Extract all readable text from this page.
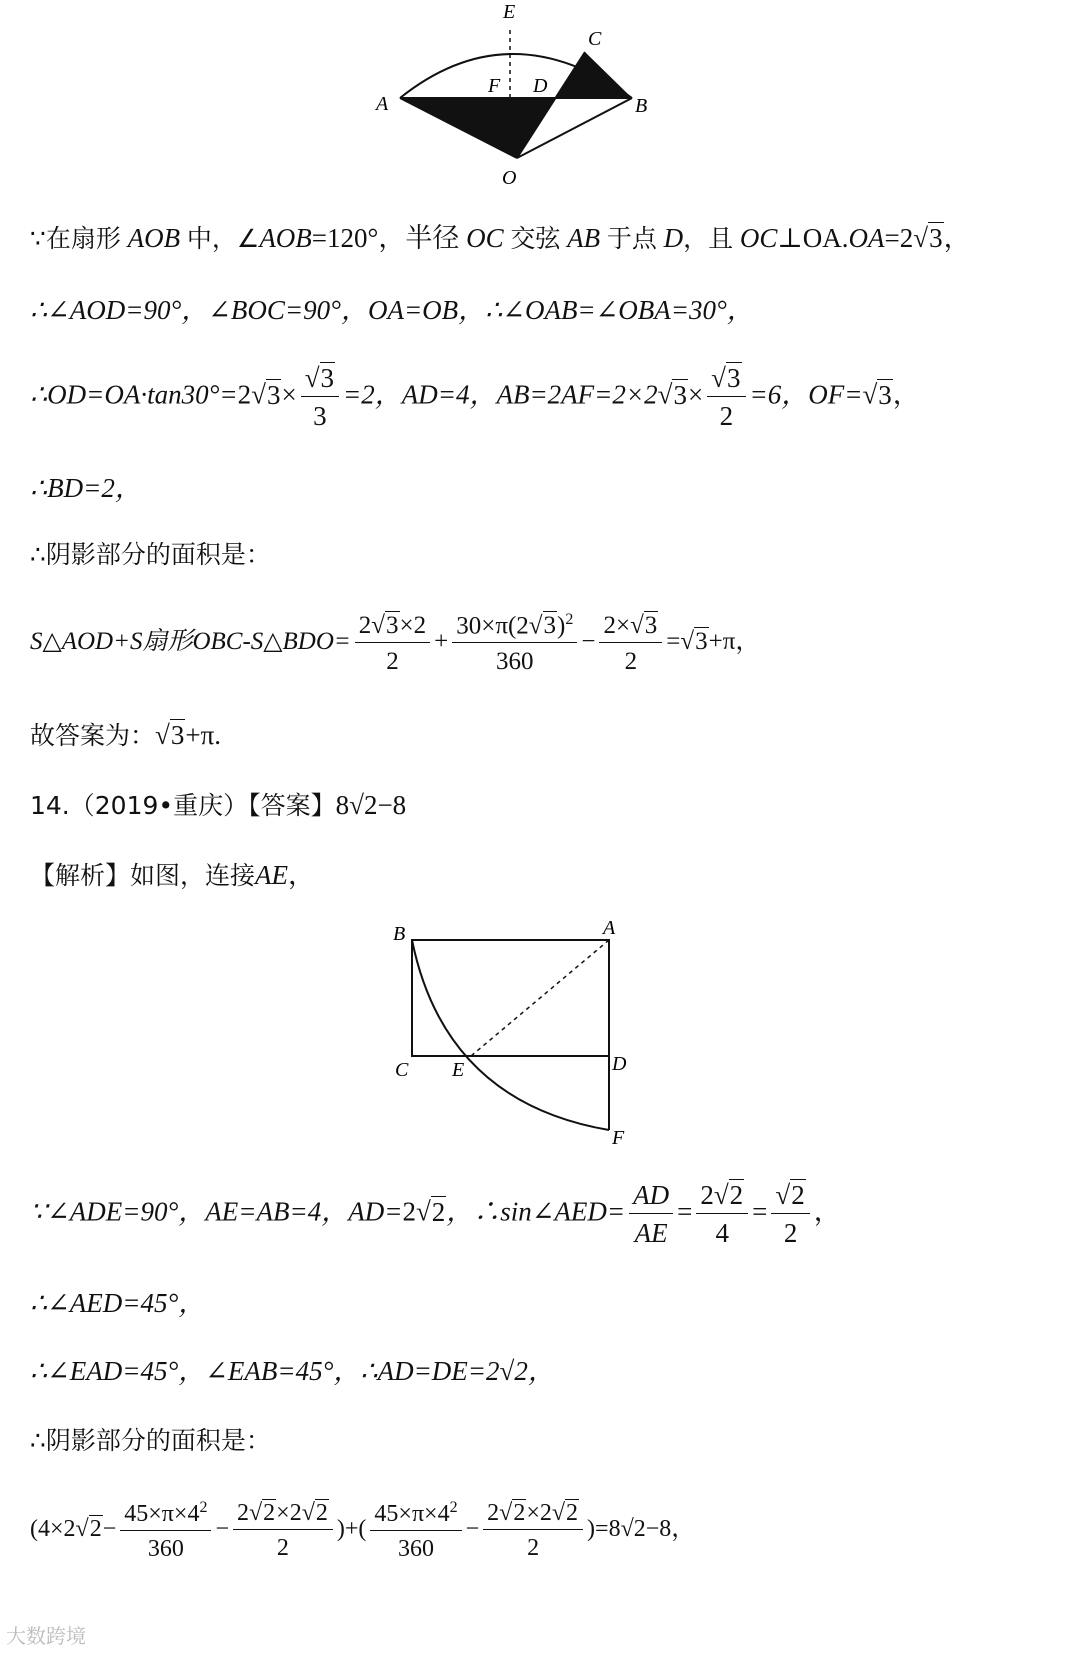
E
C
F D
A	B
O
∵在扇形 AOB 中，∠AOB=120°，半径 OC 交弦 AB 于点 D，且 OC⊥OA.OA=2√3，
∴∠AOD=90°，∠BOC=90°，OA=OB，∴∠OAB=∠OBA=30°，
∴OD=OA·tan30°=2√3× $\frac{√3}{3} =2$，AD=4，$AB=2AF=2\times 2√3\times \frac{√3}{2} =6$，OF=√3，
∴BD=2，
∴阴影部分的面积是：
S△AOD+S扇形OBC-S△BDO= $\frac{2√3\times 2}{2} + \frac{30\times\pi(2√3)^2}{360} - \frac{2\times√3}{2} =√3+\pi$，
故答案为：√3+π.
14.（2019•重庆）【答案】8√2−8
【解析】如图，连接AE，
B	A
C E	D
F
∵∠ADE=90°，AE=AB=4，AD=2√2，∴sin∠AED= $\frac{AD}{AE} = \frac{2√2}{4} = \frac{√2}{2}$ ，
∴∠AED=45°，
∴∠EAD=45°，∠EAB=45°，∴AD=DE=2√2，
∴阴影部分的面积是：
($4\times 2√2- \frac{45\times\pi\times 4^2}{360} - \frac{2√2\times 2√2}{2}$ )+( $\frac{45\times\pi\times 4^2}{360} - \frac{2√2\times 2√2}{2} )=8√2-8$，
大数跨境
